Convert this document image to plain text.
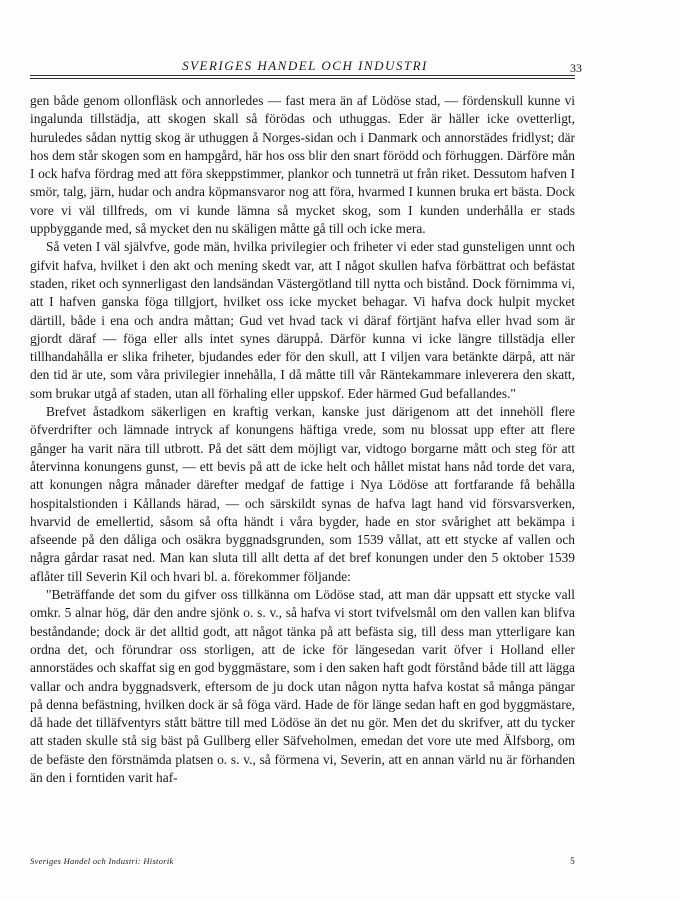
SVERIGES HANDEL OCH INDUSTRI	33

gen både genom ollonfläsk och annorledes — fast mera än af Lödöse stad, — fördenskull kunne vi ingalunda tillstädja, att skogen skall så förödas och uthuggas. Eder är häller icke ovetterligt, huruledes sådan nyttig skog är uthuggen å Norges-sidan och i Danmark och annorstädes fridlyst; där hos dem står skogen som en hampgård, här hos oss blir den snart förödd och förhuggen. Därföre mån I ock hafva fördrag med att föra skeppstimmer, plankor och tunneträ ut från riket. Dessutom hafven I smör, talg, järn, hudar och andra köpmansvaror nog att föra, hvarmed I kunnen bruka ert bästa. Dock vore vi väl tillfreds, om vi kunde lämna så mycket skog, som I kunden underhålla er stads uppbyggande med, så mycket den nu skäligen måtte gå till och icke mera.

Så veten I väl självfve, gode män, hvilka privilegier och friheter vi eder stad gunsteligen unnt och gifvit hafva, hvilket i den akt och mening skedt var, att I något skullen hafva förbättrat och befästat staden, riket och synnerligast den landsändan Västergötland till nytta och bistånd. Dock förnimma vi, att I hafven ganska föga tillgjort, hvilket oss icke mycket behagar. Vi hafva dock hulpit mycket därtill, både i ena och andra måttan; Gud vet hvad tack vi däraf förtjänt hafva eller hvad som är gjordt däraf — föga eller alls intet synes däruppå. Därför kunna vi icke längre tillstädja eller tillhandahålla er slika friheter, bjudandes eder för den skull, att I viljen vara betänkte därpå, att när den tid är ute, som våra privilegier innehålla, I då måtte till vår Räntekammare inleverera den skatt, som brukar utgå af staden, utan all förhaling eller uppskof. Eder härmed Gud befallandes."

Brefvet åstadkom säkerligen en kraftig verkan, kanske just därigenom att det innehöll flere öfverdrifter och lämnade intryck af konungens häftiga vrede, som nu blossat upp efter att flere gånger ha varit nära till utbrott. På det sätt dem möjligt var, vidtogo borgarne mått och steg för att återvinna konungens gunst, — ett bevis på att de icke helt och hållet mistat hans nåd torde det vara, att konungen några månader därefter medgaf de fattige i Nya Lödöse att fortfarande få behålla hospitalstionden i Kållands härad, — och särskildt synas de hafva lagt hand vid försvarsverken, hvarvid de emellertid, såsom så ofta händt i våra bygder, hade en stor svårighet att bekämpa i afseende på den dåliga och osäkra byggnadsgrunden, som 1539 vållat, att ett stycke af vallen och några gårdar rasat ned. Man kan sluta till allt detta af det bref konungen under den 5 oktober 1539 aflåter till Severin Kil och hvari bl. a. förekommer följande:

"Beträffande det som du gifver oss tillkänna om Lödöse stad, att man där uppsatt ett stycke vall omkr. 5 alnar hög, där den andre sjönk o. s. v., så hafva vi stort tvifvelsmål om den vallen kan blifva beståndande; dock är det alltid godt, att något tänka på att befästa sig, till dess man ytterligare kan ordna det, och förundrar oss storligen, att de icke för längesedan varit öfver i Holland eller annorstädes och skaffat sig en god byggmästare, som i den saken haft godt förstånd både till att lägga vallar och andra byggnadsverk, eftersom de ju dock utan någon nytta hafva kostat så många pängar på denna befästning, hvilken dock är så föga värd. Hade de för länge sedan haft en god byggmästare, då hade det tilläfventyrs stått bättre till med Lödöse än det nu gör. Men det du skrifver, att du tycker att staden skulle stå sig bäst på Gullberg eller Säfveholmen, emedan det vore ute med Älfsborg, om de befäste den förstnämda platsen o. s. v., så förmena vi, Severin, att en annan värld nu är förhanden än den i forntiden varit haf-

Sveriges Handel och Industri: Historik	5
